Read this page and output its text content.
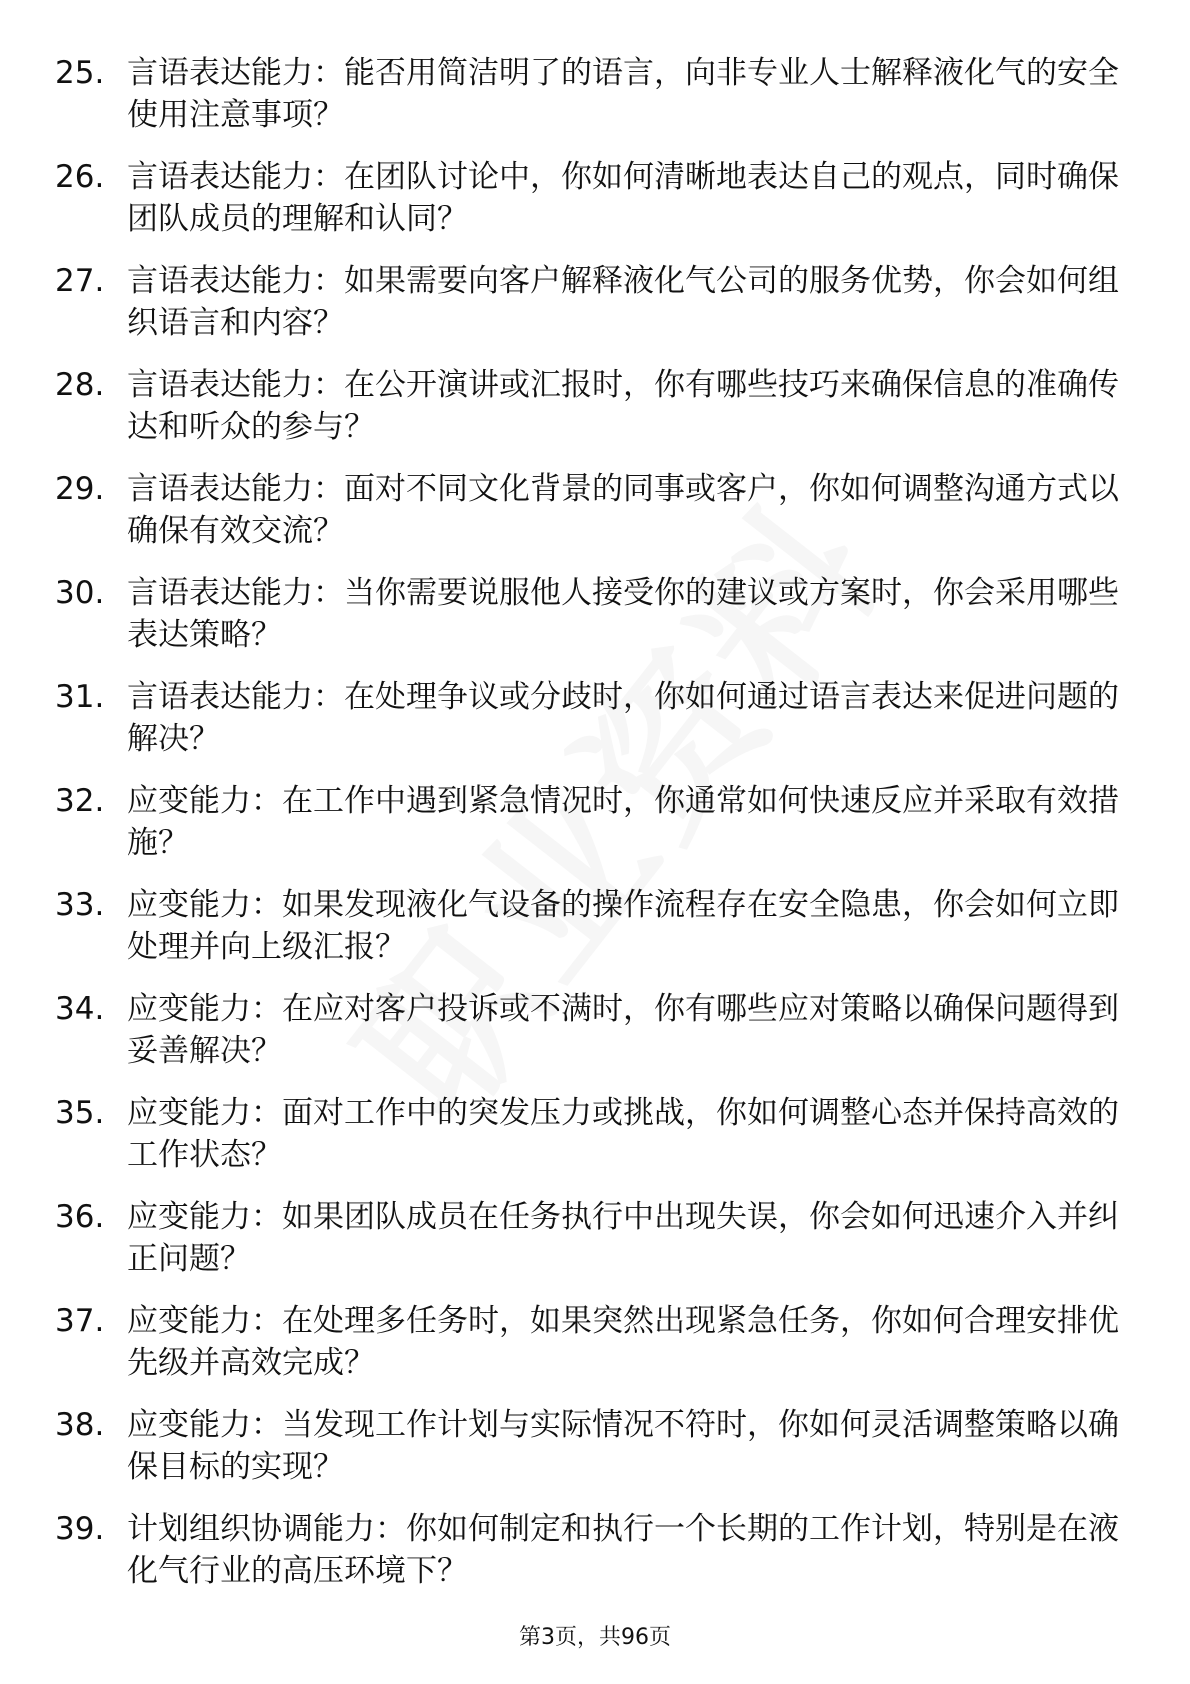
25. 言语表达能力：能否用简洁明了的语言，向非专业人士解释液化气的安全使用注意事项？
26. 言语表达能力：在团队讨论中，你如何清晰地表达自己的观点，同时确保团队成员的理解和认同？
27. 言语表达能力：如果需要向客户解释液化气公司的服务优势，你会如何组织语言和内容？
28. 言语表达能力：在公开演讲或汇报时，你有哪些技巧来确保信息的准确传达和听众的参与？
29. 言语表达能力：面对不同文化背景的同事或客户，你如何调整沟通方式以确保有效交流？
30. 言语表达能力：当你需要说服他人接受你的建议或方案时，你会采用哪些表达策略？
31. 言语表达能力：在处理争议或分歧时，你如何通过语言表达来促进问题的解决？
32. 应变能力：在工作中遇到紧急情况时，你通常如何快速反应并采取有效措施？
33. 应变能力：如果发现液化气设备的操作流程存在安全隐患，你会如何立即处理并向上级汇报？
34. 应变能力：在应对客户投诉或不满时，你有哪些应对策略以确保问题得到妥善解决？
35. 应变能力：面对工作中的突发压力或挑战，你如何调整心态并保持高效的工作状态？
36. 应变能力：如果团队成员在任务执行中出现失误，你会如何迅速介入并纠正问题？
37. 应变能力：在处理多任务时，如果突然出现紧急任务，你如何合理安排优先级并高效完成？
38. 应变能力：当发现工作计划与实际情况不符时，你如何灵活调整策略以确保目标的实现？
39. 计划组织协调能力：你如何制定和执行一个长期的工作计划，特别是在液化气行业的高压环境下？
第3页，共96页
